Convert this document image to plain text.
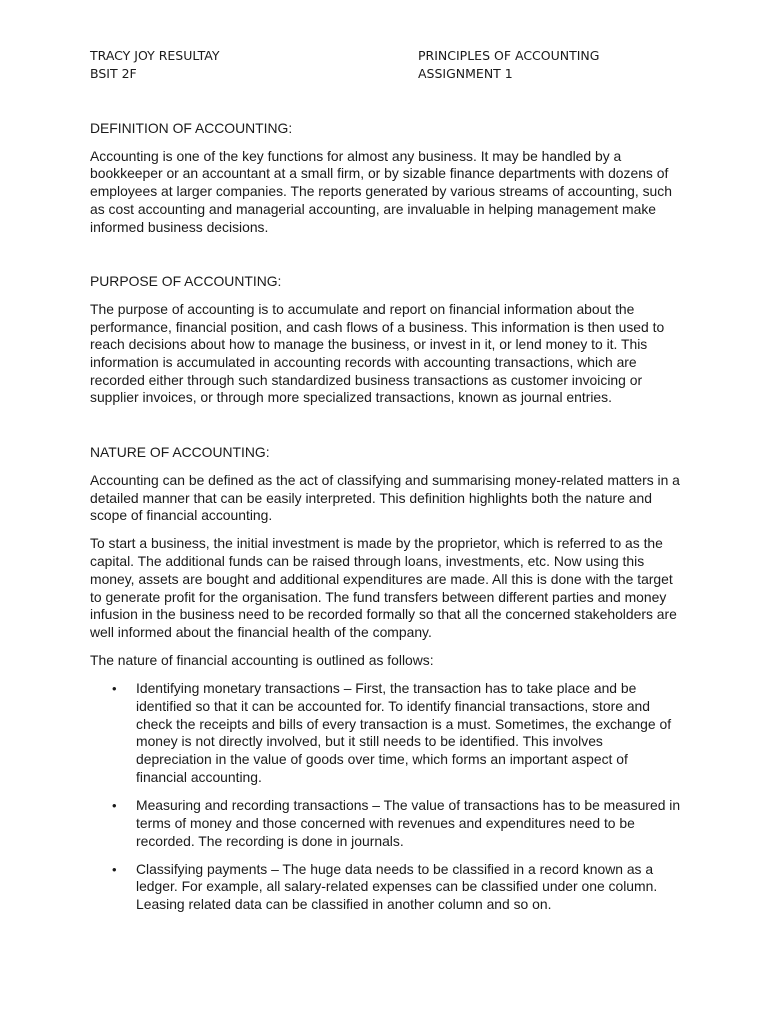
TRACY JOY RESULTAY
BSIT 2F
PRINCIPLES OF ACCOUNTING
ASSIGNMENT 1
DEFINITION OF ACCOUNTING:

Accounting is one of the key functions for almost any business. It may be handled by a bookkeeper or an accountant at a small firm, or by sizable finance departments with dozens of employees at larger companies. The reports generated by various streams of accounting, such as cost accounting and managerial accounting, are invaluable in helping management make informed business decisions.

PURPOSE OF ACCOUNTING:

The purpose of accounting is to accumulate and report on financial information about the performance, financial position, and cash flows of a business. This information is then used to reach decisions about how to manage the business, or invest in it, or lend money to it. This information is accumulated in accounting records with accounting transactions, which are recorded either through such standardized business transactions as customer invoicing or supplier invoices, or through more specialized transactions, known as journal entries.

NATURE OF ACCOUNTING:

Accounting can be defined as the act of classifying and summarising money-related matters in a detailed manner that can be easily interpreted. This definition highlights both the nature and scope of financial accounting.

To start a business, the initial investment is made by the proprietor, which is referred to as the capital. The additional funds can be raised through loans, investments, etc. Now using this money, assets are bought and additional expenditures are made. All this is done with the target to generate profit for the organisation. The fund transfers between different parties and money infusion in the business need to be recorded formally so that all the concerned stakeholders are well informed about the financial health of the company.

The nature of financial accounting is outlined as follows:

• Identifying monetary transactions – First, the transaction has to take place and be identified so that it can be accounted for. To identify financial transactions, store and check the receipts and bills of every transaction is a must. Sometimes, the exchange of money is not directly involved, but it still needs to be identified. This involves depreciation in the value of goods over time, which forms an important aspect of financial accounting.
• Measuring and recording transactions – The value of transactions has to be measured in terms of money and those concerned with revenues and expenditures need to be recorded. The recording is done in journals.
• Classifying payments – The huge data needs to be classified in a record known as a ledger. For example, all salary-related expenses can be classified under one column. Leasing related data can be classified in another column and so on.
